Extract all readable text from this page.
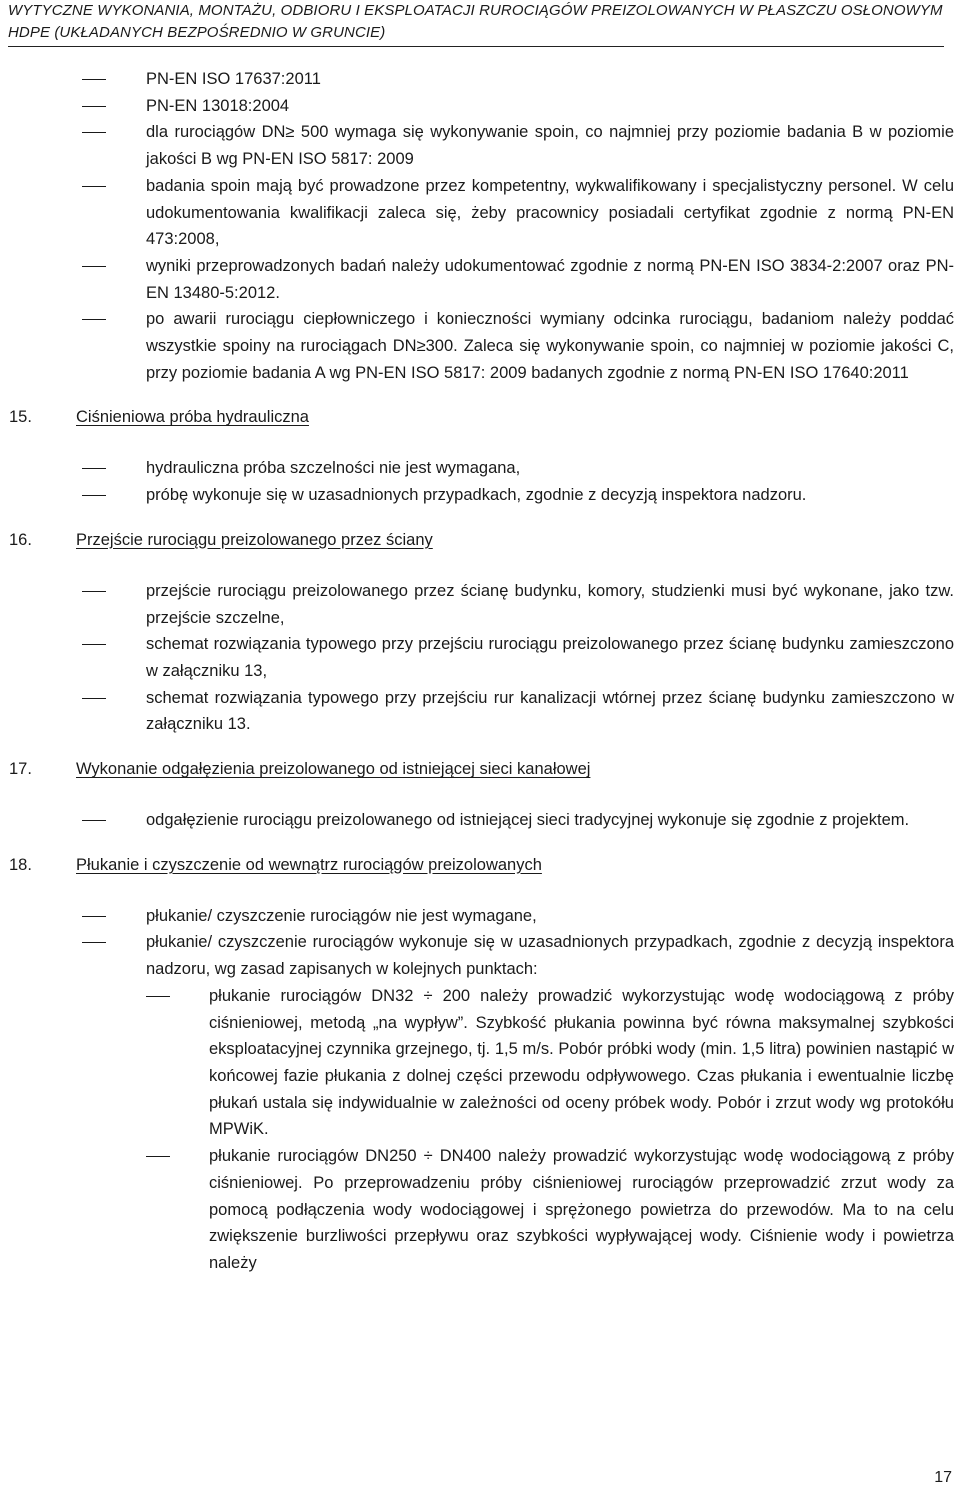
WYTYCZNE WYKONANIA, MONTAŻU, ODBIORU I EKSPLOATACJI RUROCIĄGÓW PREIZOLOWANYCH W PŁASZCZU OSŁONOWYM
HDPE (UKŁADANYCH BEZPOŚREDNIO W GRUNCIE)
PN-EN ISO 17637:2011
PN-EN 13018:2004
dla rurociągów DN≥ 500 wymaga się wykonywanie spoin, co najmniej przy poziomie badania B w poziomie jakości B wg PN-EN ISO 5817: 2009
badania spoin mają być prowadzone przez kompetentny, wykwalifikowany i specjalistyczny personel. W celu udokumentowania kwalifikacji zaleca się, żeby pracownicy posiadali certyfikat zgodnie z normą PN-EN 473:2008,
wyniki przeprowadzonych badań należy udokumentować zgodnie z normą PN-EN ISO 3834-2:2007 oraz PN-EN 13480-5:2012.
po awarii rurociągu ciepłowniczego i konieczności wymiany odcinka rurociągu, badaniom należy poddać wszystkie spoiny na rurociągach DN≥300. Zaleca się wykonywanie spoin, co najmniej w poziomie jakości C, przy poziomie badania A wg PN-EN ISO 5817: 2009 badanych zgodnie z normą PN-EN ISO 17640:2011
15.	Ciśnieniowa próba hydrauliczna
hydrauliczna próba szczelności nie jest wymagana,
próbę wykonuje się w uzasadnionych przypadkach, zgodnie z decyzją inspektora nadzoru.
16.	Przejście rurociągu preizolowanego przez ściany
przejście rurociągu preizolowanego przez ścianę budynku, komory, studzienki musi być wykonane, jako tzw. przejście szczelne,
schemat rozwiązania typowego przy przejściu rurociągu preizolowanego przez ścianę budynku zamieszczono w załączniku 13,
schemat rozwiązania typowego przy przejściu rur kanalizacji wtórnej przez ścianę budynku zamieszczono w załączniku 13.
17.	Wykonanie odgałęzienia preizolowanego od istniejącej sieci kanałowej
odgałęzienie rurociągu preizolowanego od istniejącej sieci tradycyjnej wykonuje się zgodnie z projektem.
18.	Płukanie i czyszczenie od wewnątrz rurociągów preizolowanych
płukanie/ czyszczenie rurociągów nie jest wymagane,
płukanie/ czyszczenie rurociągów wykonuje się w uzasadnionych przypadkach, zgodnie z decyzją inspektora nadzoru, wg zasad zapisanych w kolejnych punktach:
płukanie rurociągów DN32 ÷ 200 należy prowadzić wykorzystując wodę wodociągową z próby ciśnieniowej, metodą „na wypływ”. Szybkość płukania powinna być równa maksymalnej szybkości eksploatacyjnej czynnika grzejnego, tj. 1,5 m/s. Pobór próbki wody (min. 1,5 litra) powinien nastąpić w końcowej fazie płukania z dolnej części przewodu odpływowego. Czas płukania i ewentualnie liczbę płukań ustala się indywidualnie w zależności od oceny próbek wody. Pobór i zrzut wody wg protokółu MPWiK.
płukanie rurociągów DN250 ÷ DN400 należy prowadzić wykorzystując wodę wodociągową z próby ciśnieniowej. Po przeprowadzeniu próby ciśnieniowej rurociągów przeprowadzić zrzut wody za pomocą podłączenia wody wodociągowej i sprężonego powietrza do przewodów. Ma to na celu zwiększenie burzliwości przepływu oraz szybkości wypływającej wody. Ciśnienie wody i powietrza należy
17
